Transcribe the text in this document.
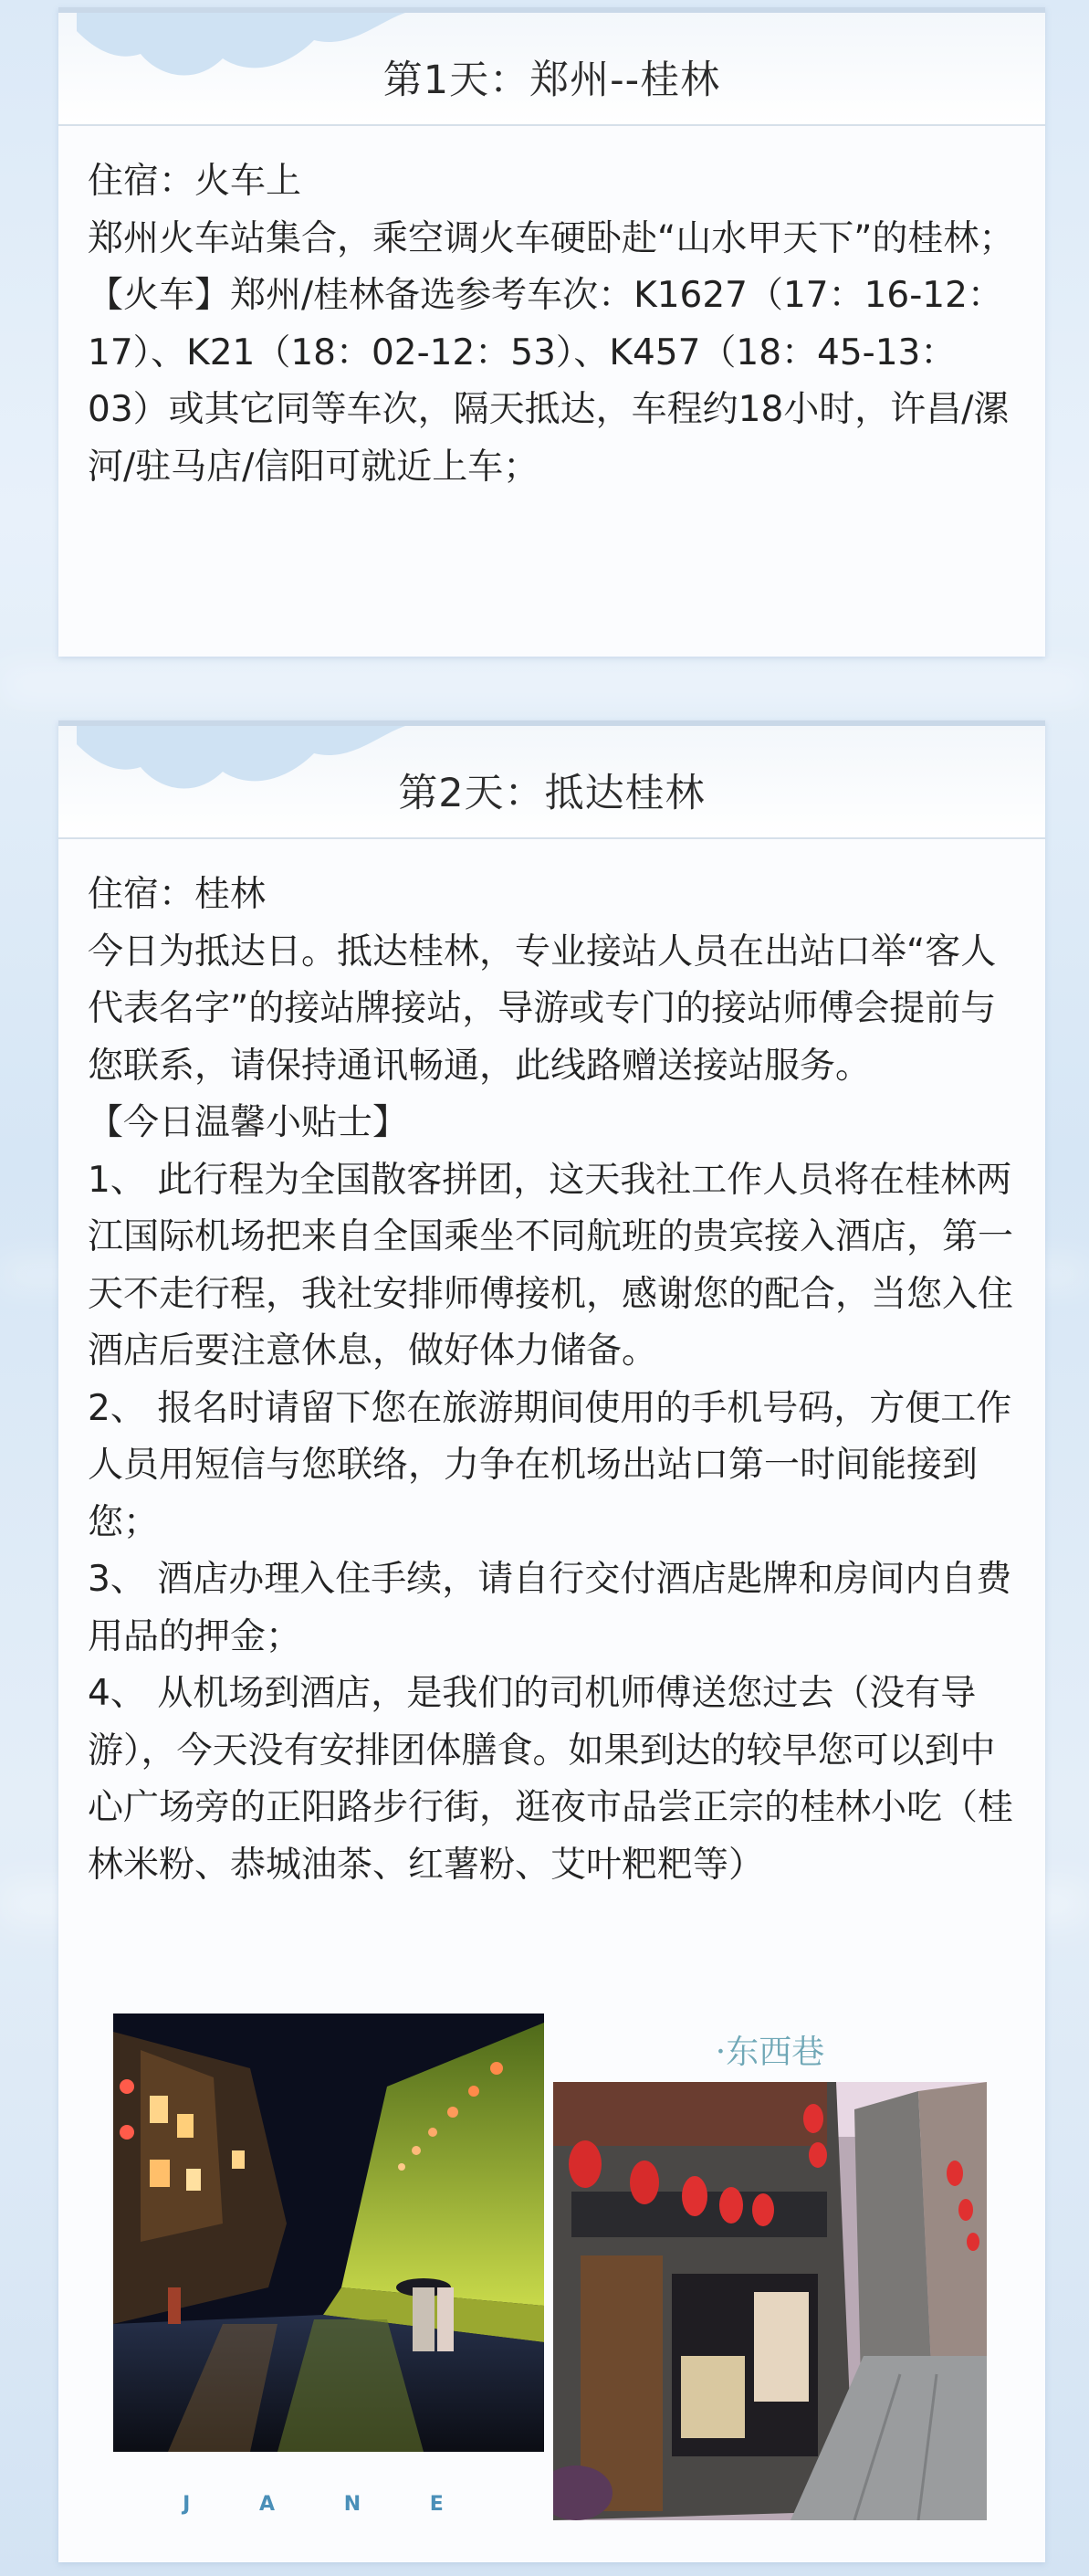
第1天：郑州--桂林

住宿：火车上

郑州火车站集合，乘空调火车硬卧赴“山水甲天下”的桂林；

【火车】郑州/桂林备选参考车次：K1627（17：16-12：17）、K21（18：02-12：53）、K457（18：45-13：03）或其它同等车次，隔天抵达，车程约18小时，许昌/漯河/驻马店/信阳可就近上车；

第2天：抵达桂林

住宿：桂林

今日为抵达日。抵达桂林，专业接站人员在出站口举“客人代表名字”的接站牌接站，导游或专门的接站师傅会提前与您联系，请保持通讯畅通，此线路赠送接站服务。

【今日温馨小贴士】

1、 此行程为全国散客拼团，这天我社工作人员将在桂林两江国际机场把来自全国乘坐不同航班的贵宾接入酒店，第一天不走行程，我社安排师傅接机，感谢您的配合，当您入住酒店后要注意休息，做好体力储备。

2、 报名时请留下您在旅游期间使用的手机号码，方便工作人员用短信与您联络，力争在机场出站口第一时间能接到您；

3、 酒店办理入住手续，请自行交付酒店匙牌和房间内自费用品的押金；

4、 从机场到酒店，是我们的司机师傅送您过去（没有导游），今天没有安排团体膳食。如果到达的较早您可以到中心广场旁的正阳路步行街，逛夜市品尝正宗的桂林小吃（桂林米粉、恭城油茶、红薯粉、艾叶粑粑等）

J A N E
·东西巷
